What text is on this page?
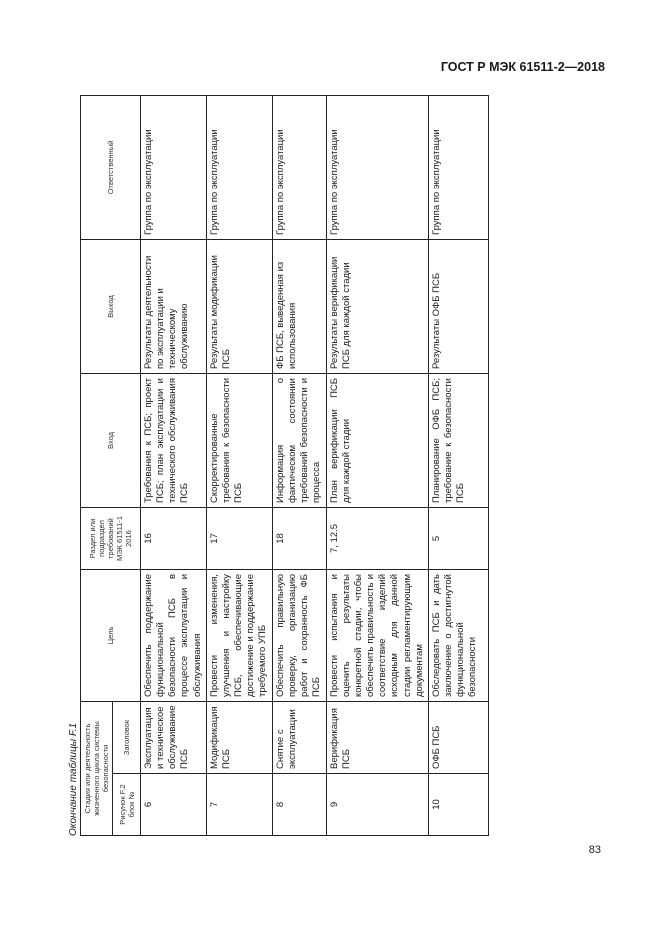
ГОСТ Р МЭК 61511-2—2018
Окончание таблицы F.1 Стадия или деятельность жизненного цикла системы безопасности		Цель	Раздел или подраздел требований МЭК 61511-1 2016	Вход	Выход	Ответственный
Рисунок F.2 блок №	Заголовок					
6	Эксплуатация и техническое обслуживание ПСБ	Обеспечить поддержание функциональной безопасности ПСБ в процессе эксплуатации и обслуживания	16	Требования к ПСБ; проект ПСБ; план эксплуатации и технического обслуживания ПСБ	Результаты деятельности по эксплуатации и техническому обслуживанию	Группа по эксплуатации
7	Модификация ПСБ	Провести изменения, улучшения и настройку ПСБ, обеспечивающие достижение и поддержание требуемого УПБ	17	Скорректированные требования к безопасности ПСБ	Результаты модификации ПСБ	Группа по эксплуатации
8	Снятие с эксплуатации	Обеспечить правильную проверку, организацию работ и сохранность ФБ ПСБ	18	Информация о фактическом состоянии требований безопасности и процесса	ФБ ПСБ, выведенная из использования	Группа по эксплуатации
9	Верификация ПСБ	Провести испытания и оценить результаты конкретной стадии, чтобы обеспечить правильность и соответствие изделий исходным для данной стадии регламентирующим документам	7, 12.5	План верификации ПСБ для каждой стадии	Результаты верификации ПСБ для каждой стадии	Группа по эксплуатации
10	ОФБ ПСБ	Обследовать ПСБ и дать заключение о достигнутой функциональной безопасности	5	Планирование ОФБ ПСБ; требование к безопасности ПСБ	Результаты ОФБ ПСБ	Группа по эксплуатации
83
